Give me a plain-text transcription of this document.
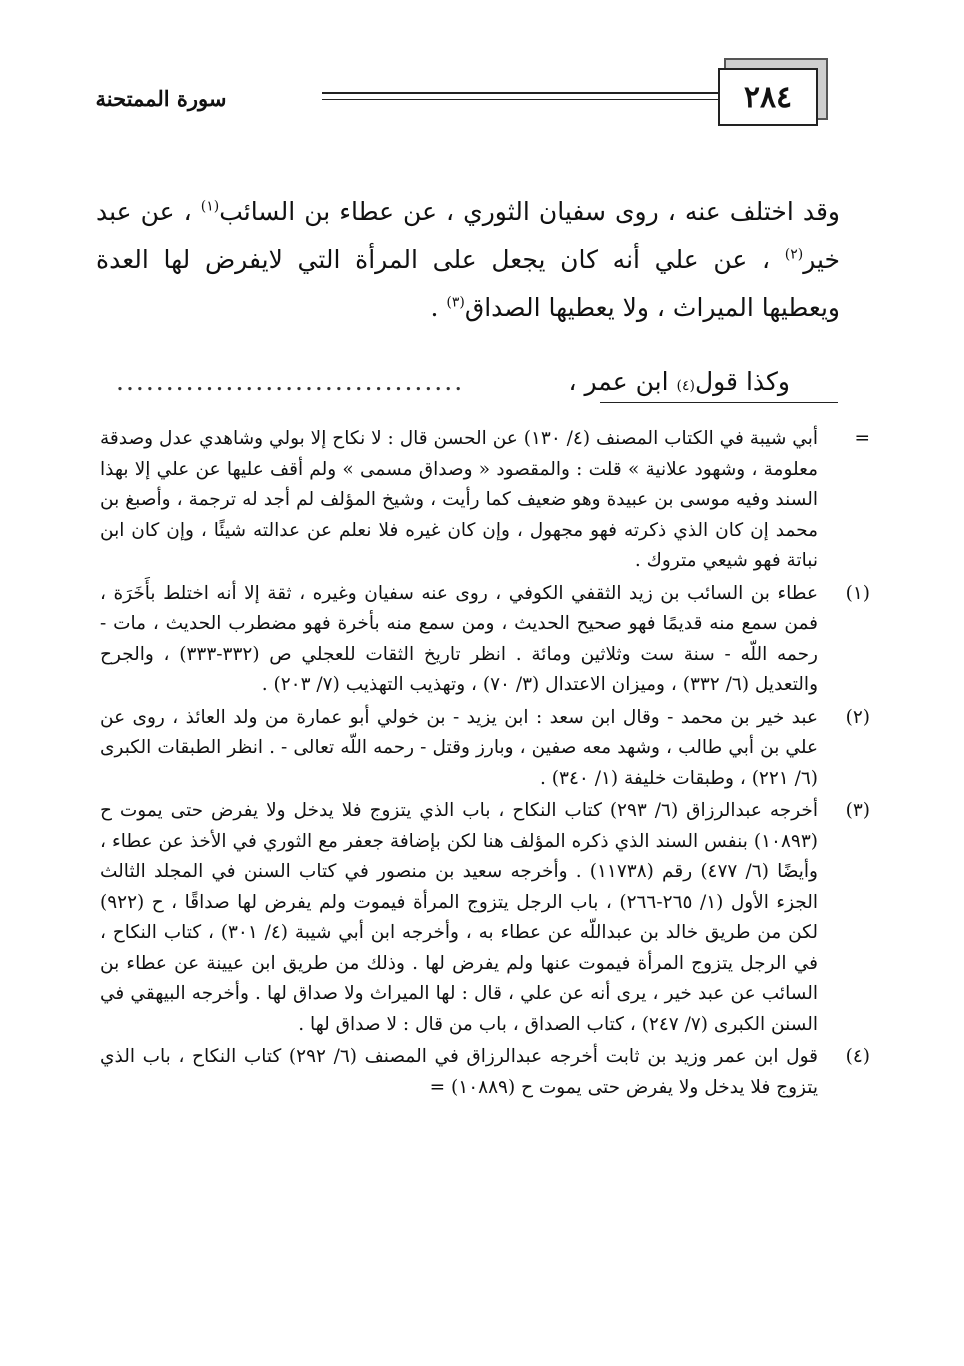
٢٨٤
سورة الممتحنة
وقد اختلف عنه ، روى سفيان الثوري ، عن عطاء بن السائب$^{(١)}$ ، عن عبد خير$^{(٢)}$ ، عن علي أنه كان يجعل على المرأة التي لايفرض لها العدة
ويعطيها الميراث ، ولا يعطيها الصداق$^{(٣)}$ .
وكذا قول
(٤)

ابن عمر ،
...................................
=أبي شيبة في الكتاب المصنف (٤/ ١٣٠) عن الحسن قال : لا نكاح إلا بولي وشاهدي عدل وصدقة معلومة ، وشهود علانية » قلت : والمقصود « وصداق مسمى » ولم أقف عليها عن علي إلا بهذا السند وفيه موسى بن عبيدة وهو ضعيف كما رأيت ، وشيخ المؤلف لم أجد له ترجمة ، وأصبغ بن محمد إن كان الذي ذكرته فهو مجهول ، وإن كان غيره فلا نعلم عن عدالته شيئًا ، وإن كان ابن نباتة فهو شيعي متروك .
(١)عطاء بن السائب بن زيد الثقفي الكوفي ، روى عنه سفيان وغيره ، ثقة إلا أنه اختلط بأَخَرَة ، فمن سمع منه قديمًا فهو صحيح الحديث ، ومن سمع منه بأخرة فهو مضطرب الحديث ، مات - رحمه اللّه - سنة ست وثلاثين ومائة . انظر تاريخ الثقات للعجلي ص (٣٣٢-٣٣٣) ، والجرح والتعديل (٦/ ٣٣٢) ، وميزان الاعتدال (٣/ ٧٠) ، وتهذيب التهذيب (٧/ ٢٠٣) .
(٢)عبد خير بن محمد - وقال ابن سعد : ابن يزيد - بن خولي أبو عمارة من ولد العائذ ، روى عن علي بن أبي طالب ، وشهد معه صفين ، وبارز وقتل - رحمه اللّه تعالى - . انظر الطبقات الكبرى (٦/ ٢٢١) ، وطبقات خليفة (١/ ٣٤٠) .
(٣)أخرجه عبدالرزاق (٦/ ٢٩٣) كتاب النكاح ، باب الذي يتزوج فلا يدخل ولا يفرض حتى يموت ح (١٠٨٩٣) بنفس السند الذي ذكره المؤلف هنا لكن بإضافة جعفر مع الثوري في الأخذ عن عطاء ، وأيضًا (٦/ ٤٧٧) رقم (١١٧٣٨) . وأخرجه سعيد بن منصور في كتاب السنن في المجلد الثالث الجزء الأول (١/ ٢٦٥-٢٦٦) ، باب الرجل يتزوج المرأة فيموت ولم يفرض لها صداقًا ، ح (٩٢٢) لكن من طريق خالد بن عبداللّه عن عطاء به ، وأخرجه ابن أبي شيبة (٤/ ٣٠١) ، كتاب النكاح ، في الرجل يتزوج المرأة فيموت عنها ولم يفرض لها . وذلك من طريق ابن عيينة عن عطاء بن السائب عن عبد خير ، يرى أنه عن علي ، قال : لها الميراث ولا صداق لها . وأخرجه البيهقي في السنن الكبرى (٧/ ٢٤٧) ، كتاب الصداق ، باب من قال : لا صداق لها .
(٤)قول ابن عمر وزيد بن ثابت أخرجه عبدالرزاق في المصنف (٦/ ٢٩٢) كتاب النكاح ، باب الذي يتزوج فلا يدخل ولا يفرض حتى يموت ح (١٠٨٨٩) =
